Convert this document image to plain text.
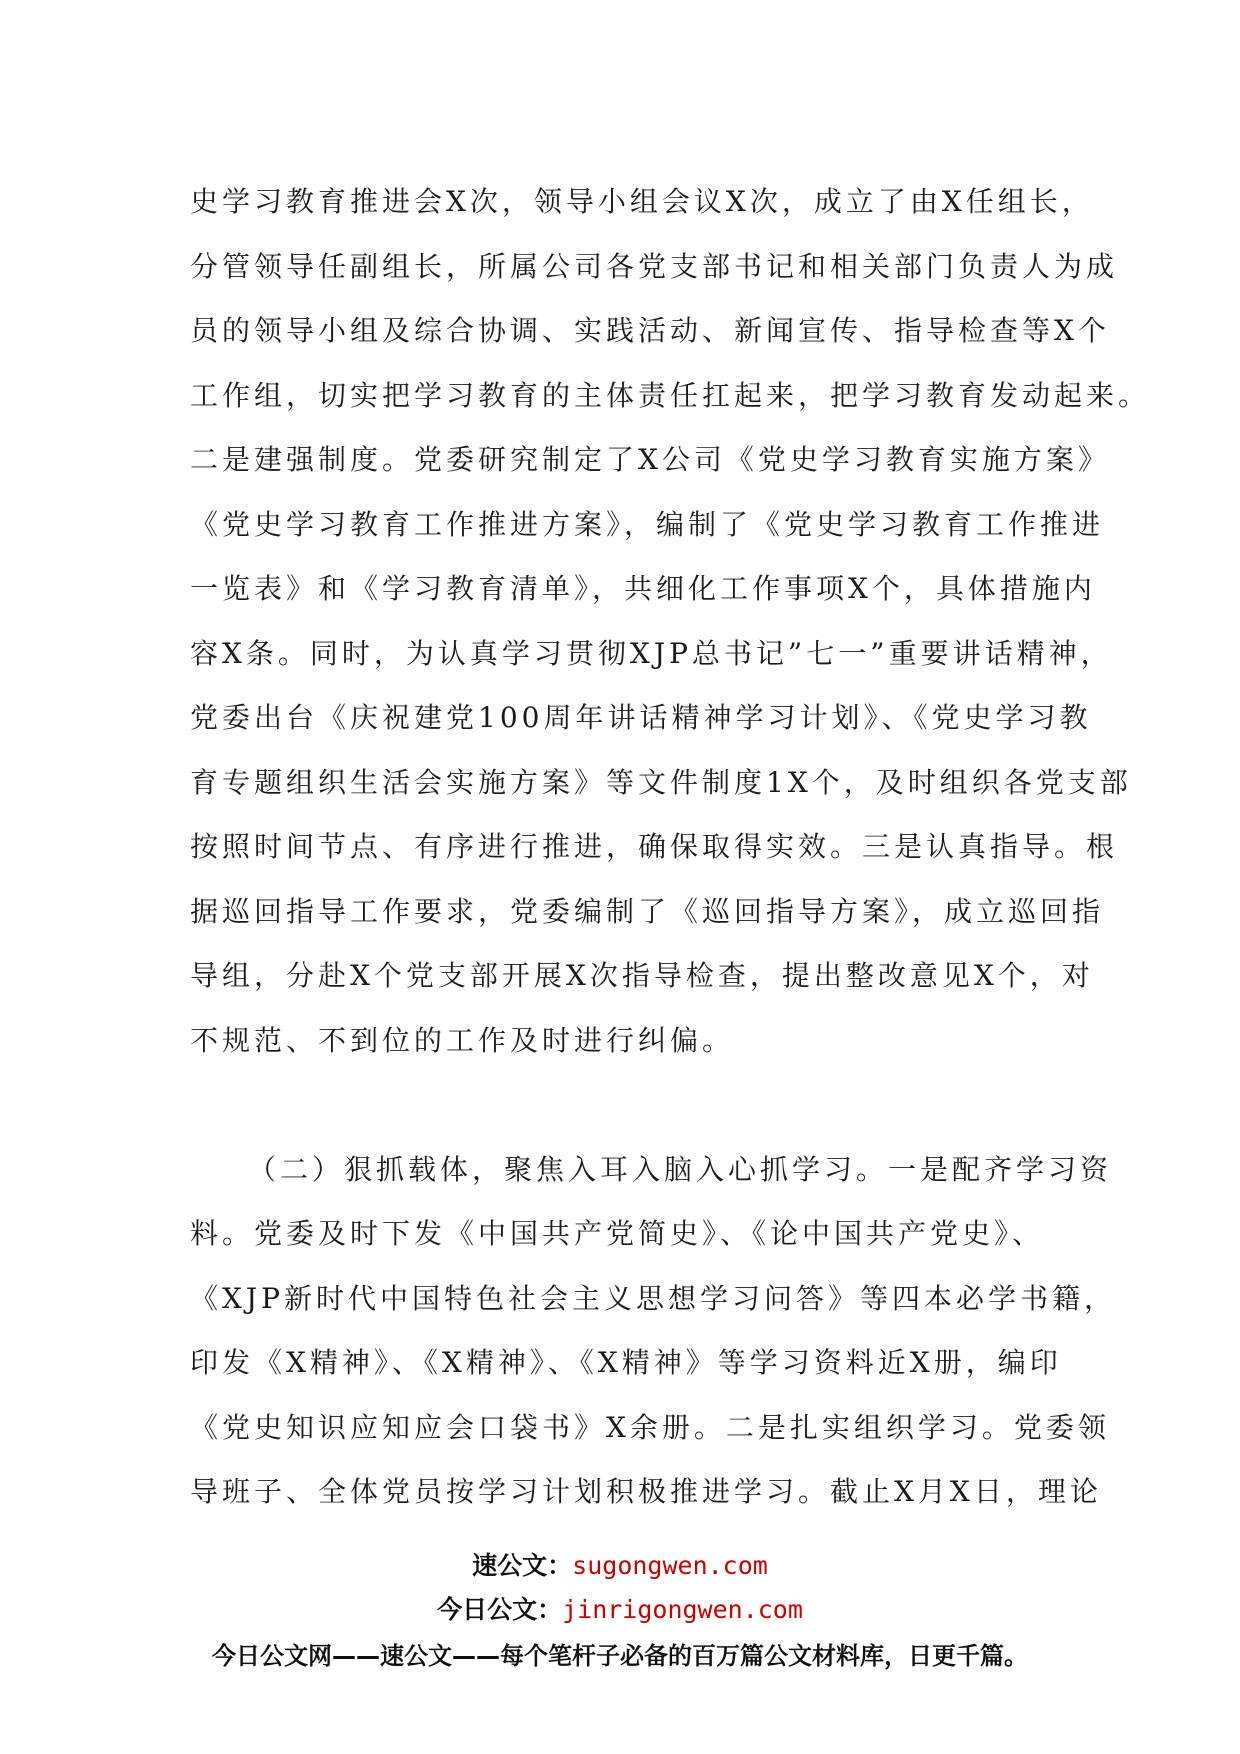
史学习教育推进会X次，领导小组会议X次，成立了由X任组长，
分管领导任副组长，所属公司各党支部书记和相关部门负责人为成
员的领导小组及综合协调、实践活动、新闻宣传、指导检查等X个
工作组，切实把学习教育的主体责任扛起来，把学习教育发动起来。
二是建强制度。党委研究制定了X公司《党史学习教育实施方案》
《党史学习教育工作推进方案》，编制了《党史学习教育工作推进
一览表》和《学习教育清单》，共细化工作事项X个，具体措施内
容X条。同时，为认真学习贯彻XJP总书记”七一”重要讲话精神，
党委出台《庆祝建党100周年讲话精神学习计划》、《党史学习教
育专题组织生活会实施方案》等文件制度1X个，及时组织各党支部
按照时间节点、有序进行推进，确保取得实效。三是认真指导。根
据巡回指导工作要求，党委编制了《巡回指导方案》，成立巡回指
导组，分赴X个党支部开展X次指导检查，提出整改意见X个，对
不规范、不到位的工作及时进行纠偏。
（二）狠抓载体，聚焦入耳入脑入心抓学习。一是配齐学习资
料。党委及时下发《中国共产党简史》、《论中国共产党史》、
《XJP新时代中国特色社会主义思想学习问答》等四本必学书籍，
印发《X精神》、《X精神》、《X精神》等学习资料近X册，编印
《党史知识应知应会口袋书》X余册。二是扎实组织学习。党委领
导班子、全体党员按学习计划积极推进学习。截止X月X日，理论
速公文：sugongwen.com
今日公文：jinrigongwen.com
今日公文网——速公文——每个笔杆子必备的百万篇公文材料库，日更千篇。
